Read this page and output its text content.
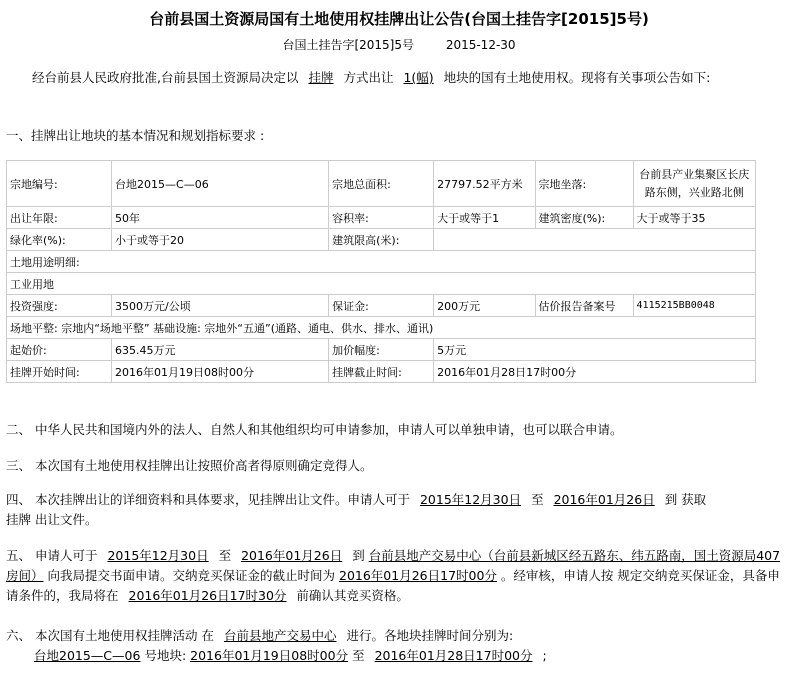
台前县国土资源局国有土地使用权挂牌出让公告(台国土挂告字[2015]5号)
台国土挂告字[2015]5号	2015-12-30
经台前县人民政府批准,台前县国土资源局决定以 挂牌 方式出让 1(幅) 地块的国有土地使用权。现将有关事项公告如下:
一、挂牌出让地块的基本情况和规划指标要求 :
宗地编号:	台地2015—C—06	宗地总面积:	27797.52平方米	宗地坐落:	台前县产业集聚区长庆路东侧，兴业路北侧
出让年限:	50年	容积率:	大于或等于1	建筑密度(%):	大于或等于35
绿化率(%):	小于或等于20	建筑限高(米):			
土地用途明细:					
工业用地					
投资强度:	3500万元/公顷	保证金:	200万元	估价报告备案号	4115215BB0048
场地平整: 宗地内“场地平整” 基础设施: 宗地外“五通”(通路、通电、供水、排水、通讯)					
起始价:	635.45万元	加价幅度:	5万元		
挂牌开始时间:	2016年01月19日08时00分	挂牌截止时间:	2016年01月28日17时00分		
二、 中华人民共和国境内外的法人、自然人和其他组织均可申请参加，申请人可以单独申请，也可以联合申请。
三、 本次国有土地使用权挂牌出让按照价高者得原则确定竞得人。
四、 本次挂牌出让的详细资料和具体要求，见挂牌出让文件。申请人可于 2015年12月30日 至 2016年01月26日 到 获取
挂牌 出让文件。
五、 申请人可于 2015年12月30日 至 2016年01月26日 到 台前县地产交易中心（台前县新城区经五路东、纬五路南，国土资源局407房间） 向我局提交书面申请。交纳竞买保证金的截止时间为 2016年01月26日17时00分 。经审核，申请人按 规定交纳竞买保证金，具备申请条件的，我局将在 2016年01月26日17时30分 前确认其竞买资格。
六、 本次国有土地使用权挂牌活动 在 台前县地产交易中心 进行。各地块挂牌时间分别为:
台地2015—C—06 号地块: 2016年01月19日08时00分 至 2016年01月28日17时00分 ;
